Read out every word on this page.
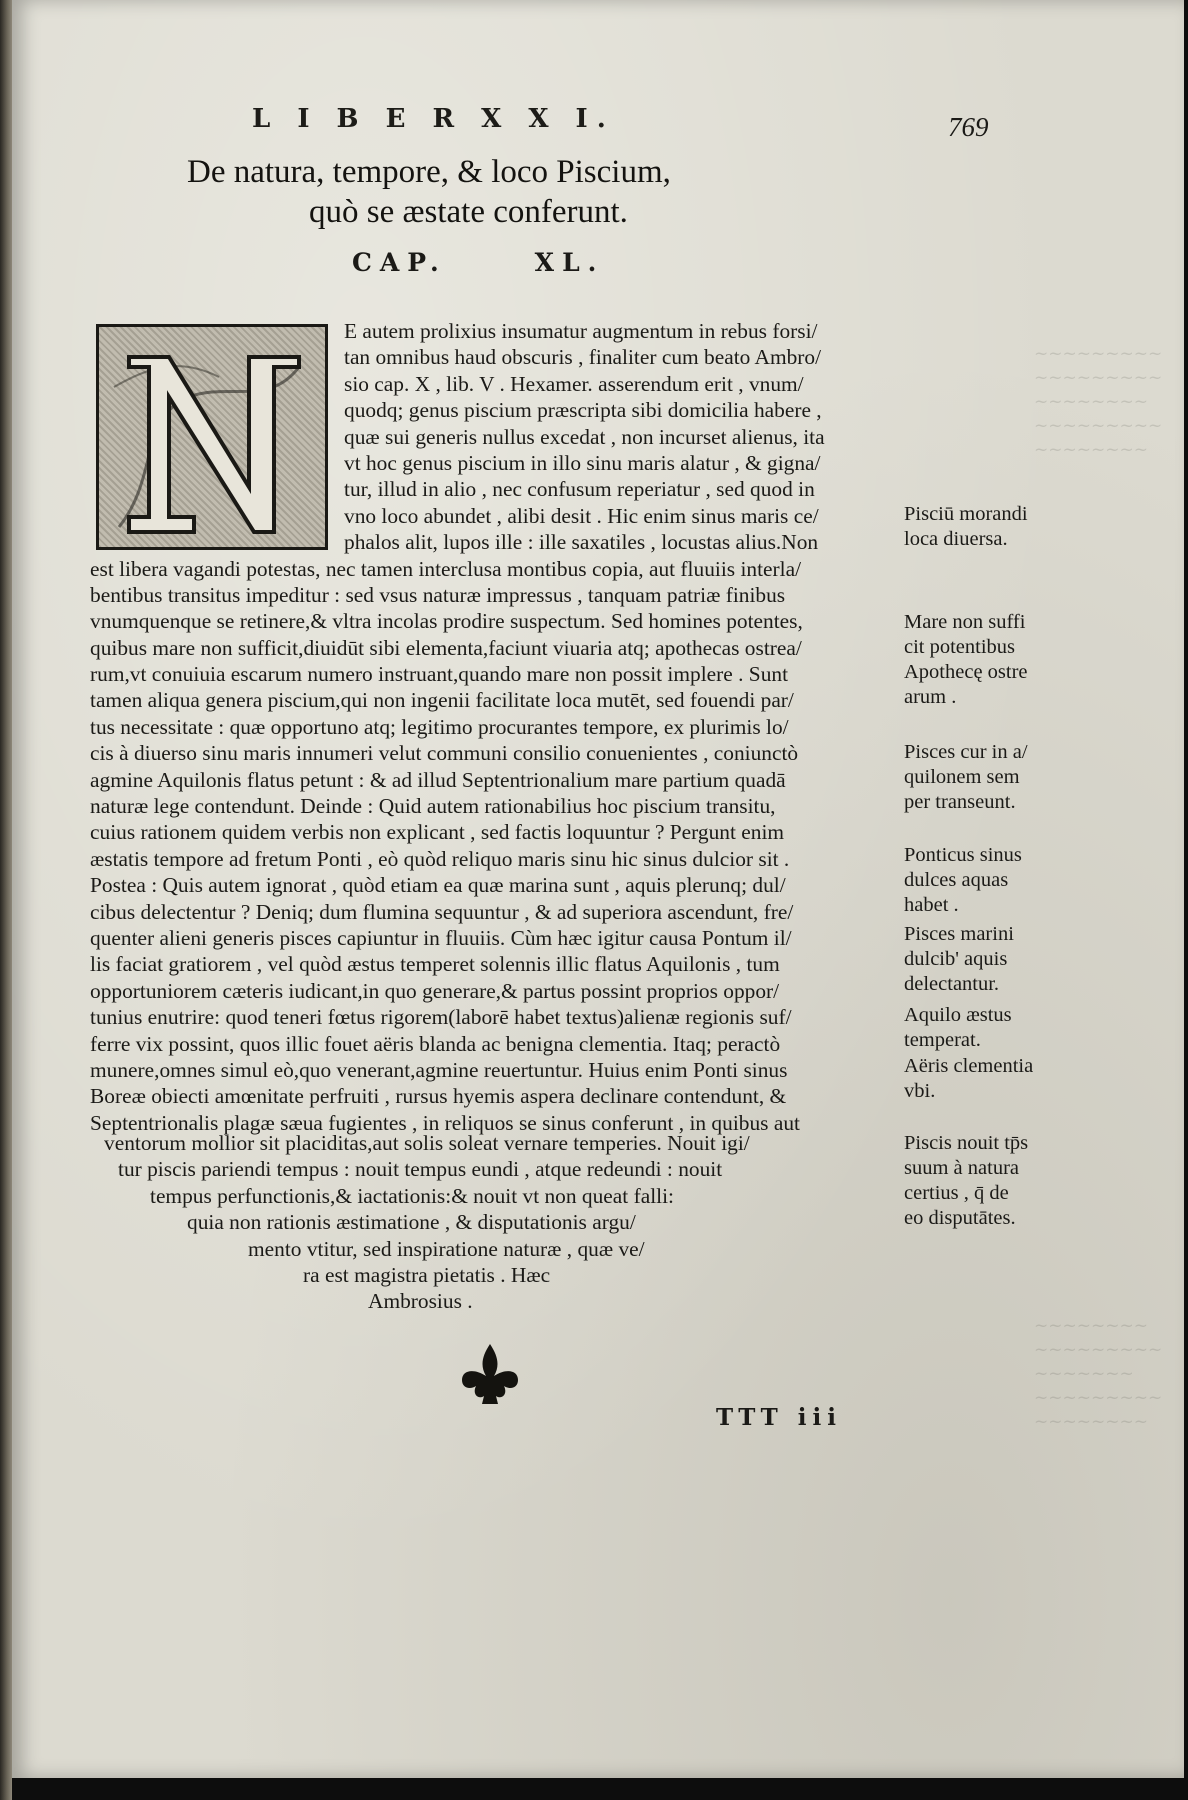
~~~~~~~~~
~~~~~~~~~
~~~~~~~~
~~~~~~~~~
~~~~~~~~

~~~~~~~~
~~~~~~~~~
~~~~~~~
~~~~~~~~~
~~~~~~~~
L I B E R X X I.	769
De natura, tempore, & loco Piscium,
quò se æstate conferunt.
CAP.	XL.
E autem prolixius insumatur augmentum in rebus forsi/
tan omnibus haud obscuris , finaliter cum beato Ambro/
sio cap. X , lib. V . Hexamer. asserendum erit , vnum/
quodq; genus piscium præscripta sibi domicilia habere ,
quæ sui generis nullus excedat , non incurset alienus, ita
vt hoc genus piscium in illo sinu maris alatur , & gigna/
tur, illud in alio , nec confusum reperiatur , sed quod in
vno loco abundet , alibi desit . Hic enim sinus maris ce/
phalos alit, lupos ille : ille saxatiles , locustas alius.Non
est libera vagandi potestas, nec tamen interclusa montibus copia, aut fluuiis interla/
bentibus transitus impeditur : sed vsus naturæ impressus , tanquam patriæ finibus
vnumquenque se retinere,& vltra incolas prodire suspectum. Sed homines potentes,
quibus mare non sufficit,diuidūt sibi elementa,faciunt viuaria atq; apothecas ostrea/
rum,vt conuiuia escarum numero instruant,quando mare non possit implere . Sunt
tamen aliqua genera piscium,qui non ingenii facilitate loca mutēt, sed fouendi par/
tus necessitate : quæ opportuno atq; legitimo procurantes tempore, ex plurimis lo/
cis à diuerso sinu maris innumeri velut communi consilio conuenientes , coniunctò
agmine Aquilonis flatus petunt : & ad illud Septentrionalium mare partium quadā
naturæ lege contendunt. Deinde : Quid autem rationabilius hoc piscium transitu,
cuius rationem quidem verbis non explicant , sed factis loquuntur ? Pergunt enim
æstatis tempore ad fretum Ponti , eò quòd reliquo maris sinu hic sinus dulcior sit .
Postea : Quis autem ignorat , quòd etiam ea quæ marina sunt , aquis plerunq; dul/
cibus delectentur ? Deniq; dum flumina sequuntur , & ad superiora ascendunt, fre/
quenter alieni generis pisces capiuntur in fluuiis. Cùm hæc igitur causa Pontum il/
lis faciat gratiorem , vel quòd æstus temperet solennis illic flatus Aquilonis , tum
opportuniorem cæteris iudicant,in quo generare,& partus possint proprios oppor/
tunius enutrire: quod teneri fœtus rigorem(laborē habet textus)alienæ regionis suf/
ferre vix possint, quos illic fouet aëris blanda ac benigna clementia. Itaq; peractò
munere,omnes simul eò,quo venerant,agmine reuertuntur. Huius enim Ponti sinus
Boreæ obiecti amœnitate perfruiti , rursus hyemis aspera declinare contendunt, &
Septentrionalis plagæ sæua fugientes , in reliquos se sinus conferunt , in quibus aut
ventorum mollior sit placiditas,aut solis soleat vernare temperies. Nouit igi/
tur piscis pariendi tempus : nouit tempus eundi , atque redeundi : nouit
tempus perfunctionis,& iactationis:& nouit vt non queat falli:
quia non rationis æstimatione , & disputationis argu/
mento vtitur, sed inspiratione naturæ , quæ ve/
ra est magistra pietatis . Hæc
Ambrosius .
TTT iii
Pisciū morandi
loca diuersa.
Mare non suffi
cit potentibus
Apothecę ostre
arum .
Pisces cur in a/
quilonem sem
per transeunt.
Ponticus sinus
dulces aquas
habet .
Pisces marini
dulcib' aquis
delectantur.
Aquilo æstus
temperat.
Aëris clementia
vbi.
Piscis nouit tp̄s
suum à natura
certius , q̄ de
eo disputātes.
